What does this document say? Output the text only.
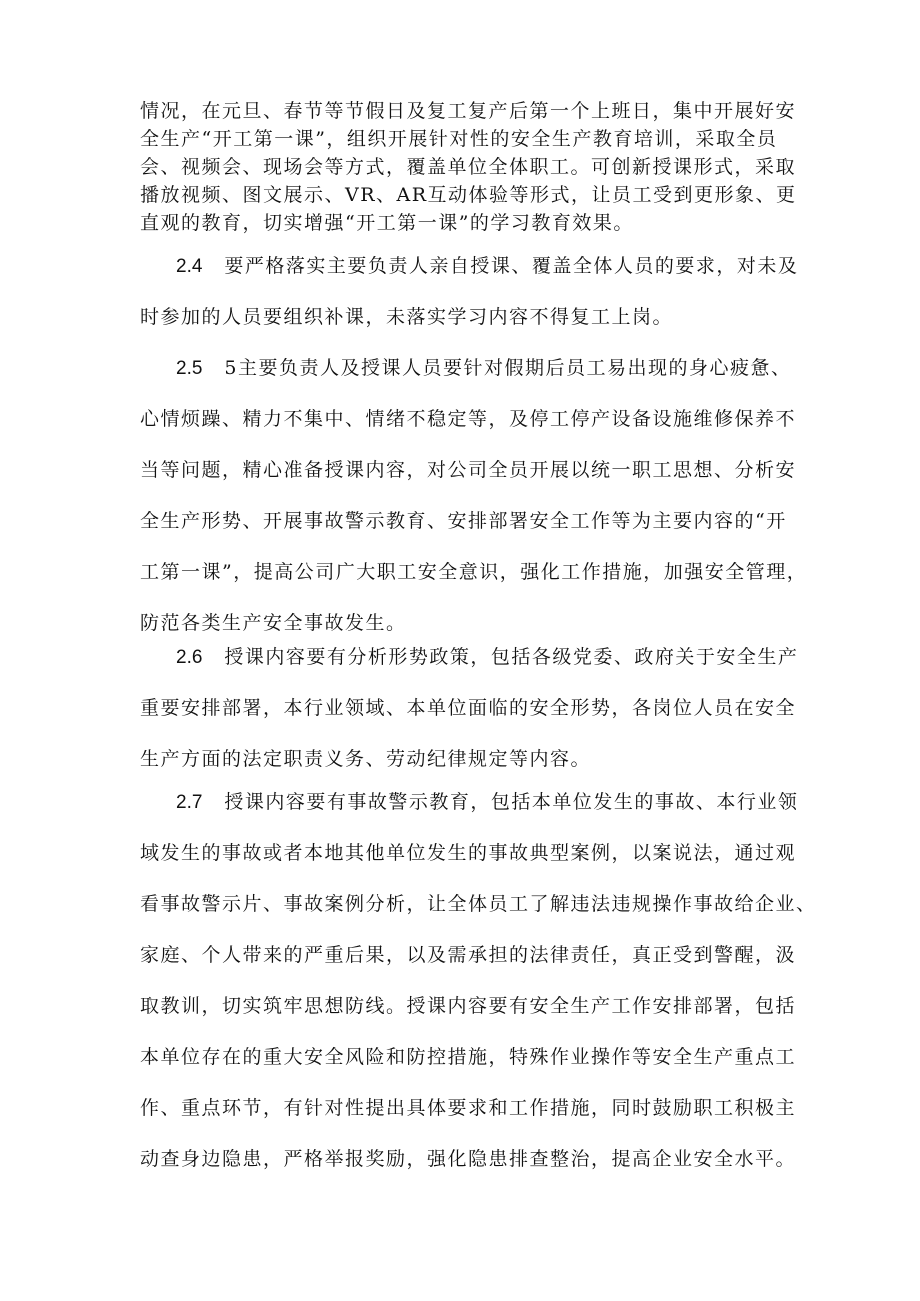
情况，在元旦、春节等节假日及复工复产后第一个上班日，集中开展好安
全生产“开工第一课”，组织开展针对性的安全生产教育培训，采取全员
会、视频会、现场会等方式，覆盖单位全体职工。可创新授课形式，采取
播放视频、图文展示、VR、AR互动体验等形式，让员工受到更形象、更
直观的教育，切实增强“开工第一课”的学习教育效果。
2.4 要严格落实主要负责人亲自授课、覆盖全体人员的要求，对未及
时参加的人员要组织补课，未落实学习内容不得复工上岗。
2.5 5主要负责人及授课人员要针对假期后员工易出现的身心疲惫、
心情烦躁、精力不集中、情绪不稳定等，及停工停产设备设施维修保养不
当等问题，精心准备授课内容，对公司全员开展以统一职工思想、分析安
全生产形势、开展事故警示教育、安排部署安全工作等为主要内容的“开
工第一课”，提高公司广大职工安全意识，强化工作措施，加强安全管理，
防范各类生产安全事故发生。
2.6 授课内容要有分析形势政策，包括各级党委、政府关于安全生产
重要安排部署，本行业领域、本单位面临的安全形势，各岗位人员在安全
生产方面的法定职责义务、劳动纪律规定等内容。
2.7 授课内容要有事故警示教育，包括本单位发生的事故、本行业领
域发生的事故或者本地其他单位发生的事故典型案例，以案说法，通过观
看事故警示片、事故案例分析，让全体员工了解违法违规操作事故给企业、
家庭、个人带来的严重后果，以及需承担的法律责任，真正受到警醒，汲
取教训，切实筑牢思想防线。授课内容要有安全生产工作安排部署，包括
本单位存在的重大安全风险和防控措施，特殊作业操作等安全生产重点工
作、重点环节，有针对性提出具体要求和工作措施，同时鼓励职工积极主
动查身边隐患，严格举报奖励，强化隐患排查整治，提高企业安全水平。
